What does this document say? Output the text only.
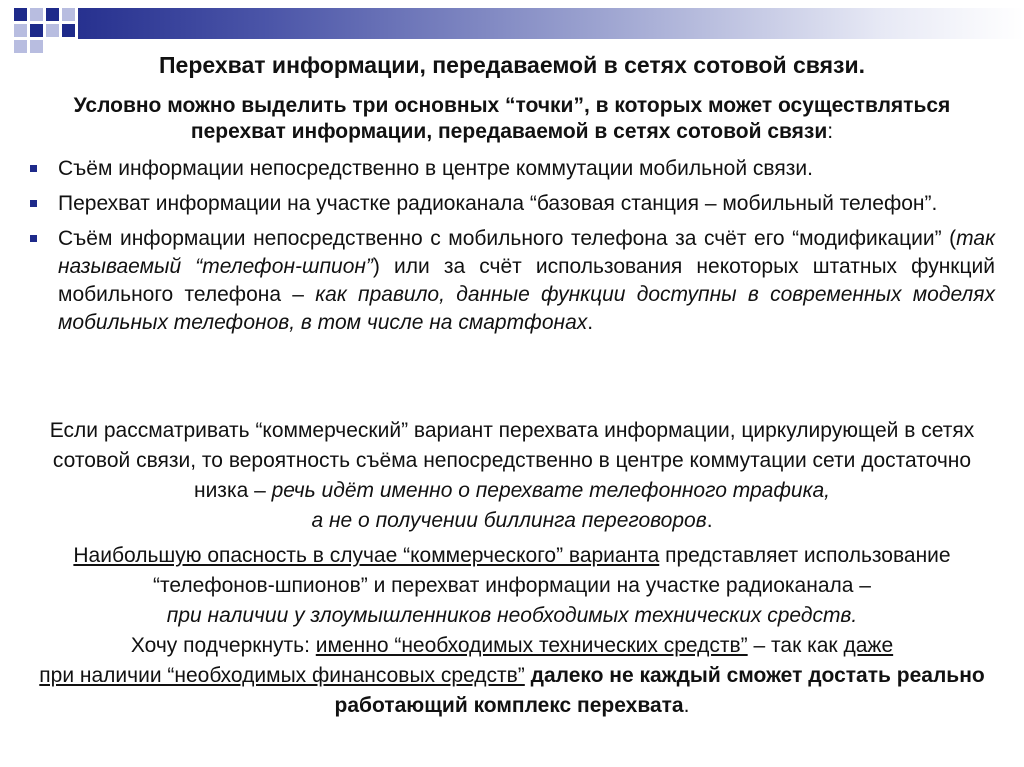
Перехват информации, передаваемой в сетях сотовой связи.
Условно можно выделить три основных “точки”, в которых может осуществляться перехват информации, передаваемой в сетях сотовой связи:
Съём информации непосредственно в центре коммутации мобильной связи.
Перехват информации на участке радиоканала “базовая станция – мобильный телефон”.
Съём информации непосредственно с мобильного телефона за счёт его “модификации” (так называемый “телефон-шпион”) или за счёт использования некоторых штатных функций мобильного телефона – как правило, данные функции доступны в современных моделях мобильных телефонов, в том числе на смартфонах.
Если рассматривать “коммерческий” вариант перехвата информации, циркулирующей в сетях сотовой связи, то вероятность съёма непосредственно в центре коммутации сети достаточно низка – речь идёт именно о перехвате телефонного трафика,
а не о получении биллинга переговоров.
Наибольшую опасность в случае “коммерческого” варианта представляет использование “телефонов-шпионов” и перехват информации на участке радиоканала –
при наличии у злоумышленников необходимых технических средств.
Хочу подчеркнуть: именно “необходимых технических средств” – так как даже
при наличии “необходимых финансовых средств” далеко не каждый сможет достать реально работающий комплекс перехвата.
